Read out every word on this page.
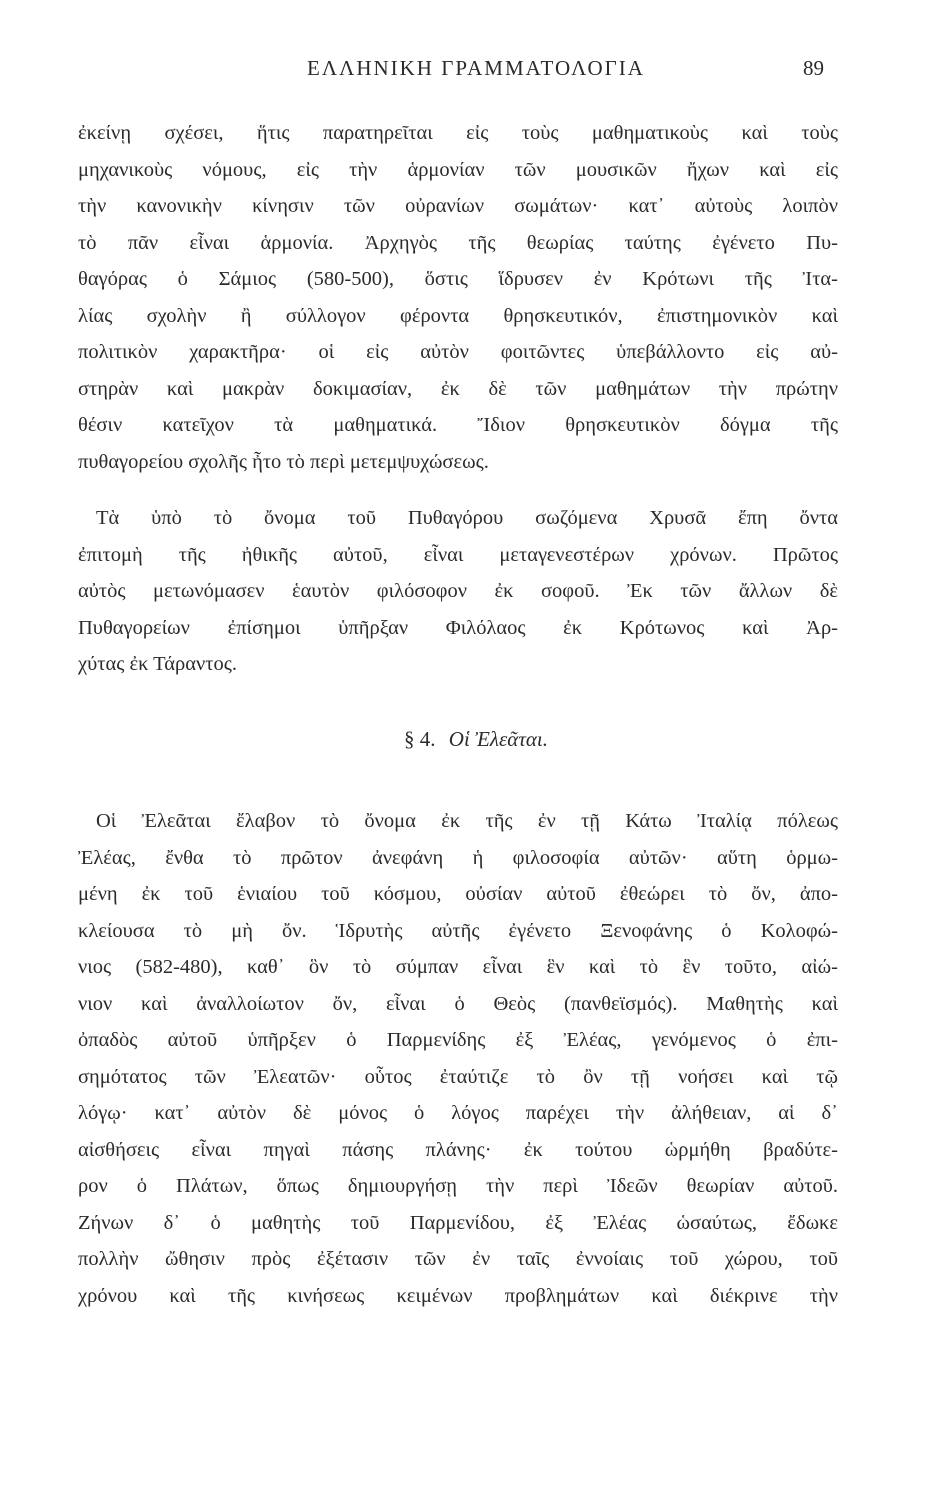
ΕΛΛΗΝΙΚΗ ΓΡΑΜΜΑΤΟΛΟΓΙΑ	89
ἐκείνῃ σχέσει, ἥτις παρατηρεῖται εἰς τοὺς μαθηματικοὺς καὶ τοὺς
μηχανικοὺς νόμους, εἰς τὴν ἁρμονίαν τῶν μουσικῶν ἤχων καὶ εἰς
τὴν κανονικὴν κίνησιν τῶν οὐρανίων σωμάτων· κατ᾽ αὐτοὺς λοιπὸν
τὸ πᾶν εἶναι ἁρμονία. Ἀρχηγὸς τῆς θεωρίας ταύτης ἐγένετο Πυ-
θαγόρας ὁ Σάμιος (580-500), ὅστις ἵδρυσεν ἐν Κρότωνι τῆς Ἰτα-
λίας σχολὴν ἢ σύλλογον φέροντα θρησκευτικόν, ἐπιστημονικὸν καὶ
πολιτικὸν χαρακτῆρα· οἱ εἰς αὐτὸν φοιτῶντες ὑπεβάλλοντο εἰς αὐ-
στηρὰν καὶ μακρὰν δοκιμασίαν, ἐκ δὲ τῶν μαθημάτων τὴν πρώτην
θέσιν κατεῖχον τὰ μαθηματικά. Ἴδιον θρησκευτικὸν δόγμα τῆς
πυθαγορείου σχολῆς ἦτο τὸ περὶ μετεμψυχώσεως.
Τὰ ὑπὸ τὸ ὄνομα τοῦ Πυθαγόρου σωζόμενα Χρυσᾶ ἔπη ὄντα
ἐπιτομὴ τῆς ἠθικῆς αὐτοῦ, εἶναι μεταγενεστέρων χρόνων. Πρῶτος
αὐτὸς μετωνόμασεν ἑαυτὸν φιλόσοφον ἐκ σοφοῦ. Ἐκ τῶν ἄλλων δὲ
Πυθαγορείων ἐπίσημοι ὑπῆρξαν Φιλόλαος ἐκ Κρότωνος καὶ Ἀρ-
χύτας ἐκ Τάραντος.
§ 4. Οἱ Ἐλεᾶται.
Οἱ Ἐλεᾶται ἔλαβον τὸ ὄνομα ἐκ τῆς ἐν τῇ Κάτω Ἰταλίᾳ πόλεως
Ἐλέας, ἔνθα τὸ πρῶτον ἀνεφάνη ἡ φιλοσοφία αὐτῶν· αὕτη ὁρμω-
μένη ἐκ τοῦ ἑνιαίου τοῦ κόσμου, οὐσίαν αὐτοῦ ἐθεώρει τὸ ὄν, ἀπο-
κλείουσα τὸ μὴ ὄν. Ἱδρυτὴς αὐτῆς ἐγένετο Ξενοφάνης ὁ Κολοφώ-
νιος (582-480), καθ᾽ ὃν τὸ σύμπαν εἶναι ἓν καὶ τὸ ἓν τοῦτο, αἰώ-
νιον καὶ ἀναλλοίωτον ὄν, εἶναι ὁ Θεὸς (πανθεϊσμός). Μαθητὴς καὶ
ὀπαδὸς αὐτοῦ ὑπῆρξεν ὁ Παρμενίδης ἐξ Ἐλέας, γενόμενος ὁ ἐπι-
σημότατος τῶν Ἐλεατῶν· οὗτος ἐταύτιζε τὸ ὂν τῇ νοήσει καὶ τῷ
λόγῳ· κατ᾽ αὐτὸν δὲ μόνος ὁ λόγος παρέχει τὴν ἀλήθειαν, αἱ δ᾽
αἰσθήσεις εἶναι πηγαὶ πάσης πλάνης· ἐκ τούτου ὡρμήθη βραδύτε-
ρον ὁ Πλάτων, ὅπως δημιουργήσῃ τὴν περὶ Ἰδεῶν θεωρίαν αὐτοῦ.
Ζήνων δ᾽ ὁ μαθητὴς τοῦ Παρμενίδου, ἐξ Ἐλέας ὡσαύτως, ἔδωκε
πολλὴν ὤθησιν πρὸς ἐξέτασιν τῶν ἐν ταῖς ἐννοίαις τοῦ χώρου, τοῦ
χρόνου καὶ τῆς κινήσεως κειμένων προβλημάτων καὶ διέκρινε τὴν
